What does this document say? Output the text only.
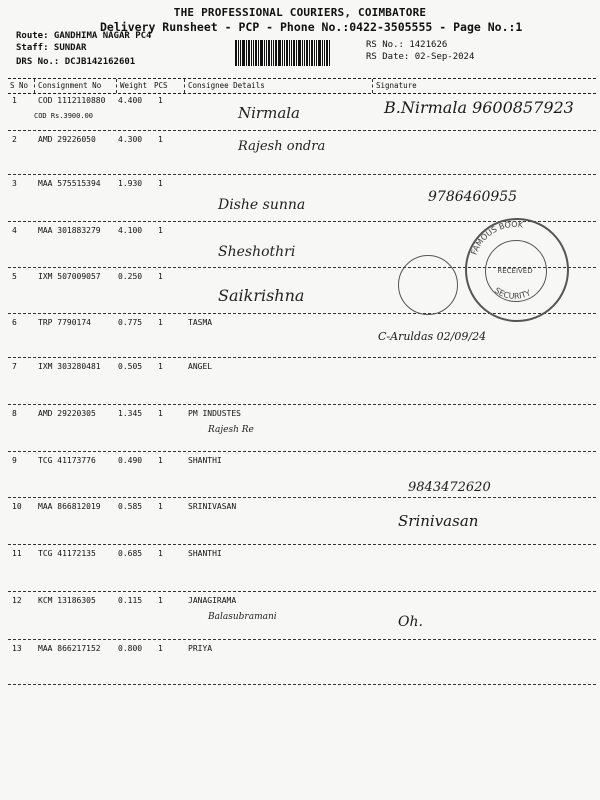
THE PROFESSIONAL COURIERS, COIMBATORE
Delivery Runsheet - PCP - Phone No.:0422-3505555 - Page No.:1
Route: GANDHIMA NAGAR PC4
Staff: SUNDAR
DRS No.: DCJB142162601
RS No.: 1421626
RS Date: 02-Sep-2024
S No Consignment No	Weight PCS	Consignee Details	Signature
1	COD 1112110880 4.400 1
COD Rs.3900.00	Nirmala	B.Nirmala 9600857923
2	AMD 29226050	4.300 1	Rajesh ondra
3	MAA 575515394 1.930 1
Dishe sunna	9786460955
4	MAA 301883279 4.100 1
Sheshothri
5	IXM 507009057 0.250 1
Saikrishna
6	TRP 7790174	0.775 1	TASMA
C-Aruldas 02/09/24
7	IXM 303280481 0.505 1	ANGEL
8	AMD 29220305	1.345 1	PM INDUSTES
Rajesh Re
9	TCG 41173776	0.490 1	SHANTHI
9843472620
10 MAA 866812019 0.585 1	SRINIVASAN
Srinivasan
11 TCG 41172135	0.685 1	SHANTHI
12 KCM 13186305	0.115 1	JANAGIRAMA
Balasubramani	Oh.
13 MAA 866217152 0.800 1	PRIYA
FAMOUS BOOK
SECURITY
RECEIVED
